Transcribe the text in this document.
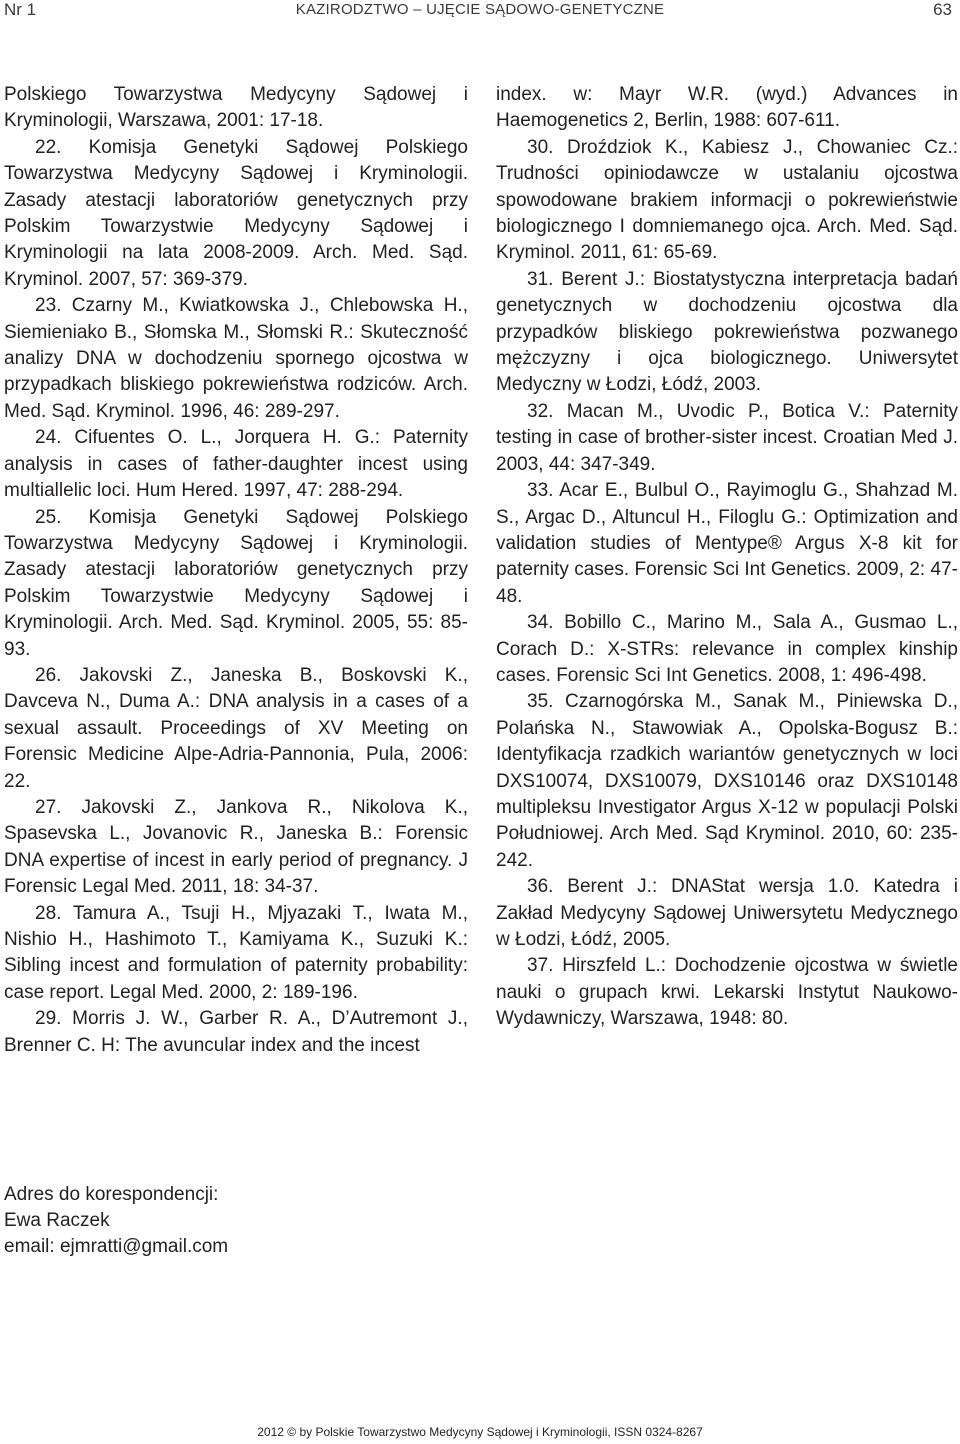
Nr 1	KAZIRODZTWO – UJĘCIE SĄDOWO-GENETYCZNE	63

Polskiego Towarzystwa Medycyny Sądowej i Kryminologii, Warszawa, 2001: 17-18.

22. Komisja Genetyki Sądowej Polskiego Towarzystwa Medycyny Sądowej i Kryminologii. Zasady atestacji laboratoriów genetycznych przy Polskim Towarzystwie Medycyny Sądowej i Kryminologii na lata 2008-2009. Arch. Med. Sąd. Kryminol. 2007, 57: 369-379.

23. Czarny M., Kwiatkowska J., Chlebowska H., Siemieniako B., Słomska M., Słomski R.: Skuteczność analizy DNA w dochodzeniu spornego ojcostwa w przypadkach bliskiego pokrewieństwa rodziców. Arch. Med. Sąd. Kryminol. 1996, 46: 289-297.

24. Cifuentes O. L., Jorquera H. G.: Paternity analysis in cases of father-daughter incest using multiallelic loci. Hum Hered. 1997, 47: 288-294.

25. Komisja Genetyki Sądowej Polskiego Towarzystwa Medycyny Sądowej i Kryminologii. Zasady atestacji laboratoriów genetycznych przy Polskim Towarzystwie Medycyny Sądowej i Kryminologii. Arch. Med. Sąd. Kryminol. 2005, 55: 85-93.

26. Jakovski Z., Janeska B., Boskovski K., Davceva N., Duma A.: DNA analysis in a cases of a sexual assault. Proceedings of XV Meeting on Forensic Medicine Alpe-Adria-Pannonia, Pula, 2006: 22.

27. Jakovski Z., Jankova R., Nikolova K., Spasevska L., Jovanovic R., Janeska B.: Forensic DNA expertise of incest in early period of pregnancy. J Forensic Legal Med. 2011, 18: 34-37.

28. Tamura A., Tsuji H., Mjyazaki T., Iwata M., Nishio H., Hashimoto T., Kamiyama K., Suzuki K.: Sibling incest and formulation of paternity probability: case report. Legal Med. 2000, 2: 189-196.

29. Morris J. W., Garber R. A., D’Autremont J., Brenner C. H: The avuncular index and the incest

index. w: Mayr W.R. (wyd.) Advances in Haemogenetics 2, Berlin, 1988: 607-611.

30. Droździok K., Kabiesz J., Chowaniec Cz.: Trudności opiniodawcze w ustalaniu ojcostwa spowodowane brakiem informacji o pokrewieństwie biologicznego I domniemanego ojca. Arch. Med. Sąd. Kryminol. 2011, 61: 65-69.

31. Berent J.: Biostatystyczna interpretacja badań genetycznych w dochodzeniu ojcostwa dla przypadków bliskiego pokrewieństwa pozwanego mężczyzny i ojca biologicznego. Uniwersytet Medyczny w Łodzi, Łódź, 2003.

32. Macan M., Uvodic P., Botica V.: Paternity testing in case of brother-sister incest. Croatian Med J. 2003, 44: 347-349.

33. Acar E., Bulbul O., Rayimoglu G., Shahzad M. S., Argac D., Altuncul H., Filoglu G.: Optimization and validation studies of Mentype® Argus X-8 kit for paternity cases. Forensic Sci Int Genetics. 2009, 2: 47-48.

34. Bobillo C., Marino M., Sala A., Gusmao L., Corach D.: X-STRs: relevance in complex kinship cases. Forensic Sci Int Genetics. 2008, 1: 496-498.

35. Czarnogórska M., Sanak M., Piniewska D., Polańska N., Stawowiak A., Opolska-Bogusz B.: Identyfikacja rzadkich wariantów genetycznych w loci DXS10074, DXS10079, DXS10146 oraz DXS10148 multipleksu Investigator Argus X-12 w populacji Polski Południowej. Arch Med. Sąd Kryminol. 2010, 60: 235-242.

36. Berent J.: DNAStat wersja 1.0. Katedra i Zakład Medycyny Sądowej Uniwersytetu Medycznego w Łodzi, Łódź, 2005.

37. Hirszfeld L.: Dochodzenie ojcostwa w świetle nauki o grupach krwi. Lekarski Instytut Naukowo-Wydawniczy, Warszawa, 1948: 80.

Adres do korespondencji:
Ewa Raczek
email: ejmratti@gmail.com
2012 © by Polskie Towarzystwo Medycyny Sądowej i Kryminologii, ISSN 0324-8267
